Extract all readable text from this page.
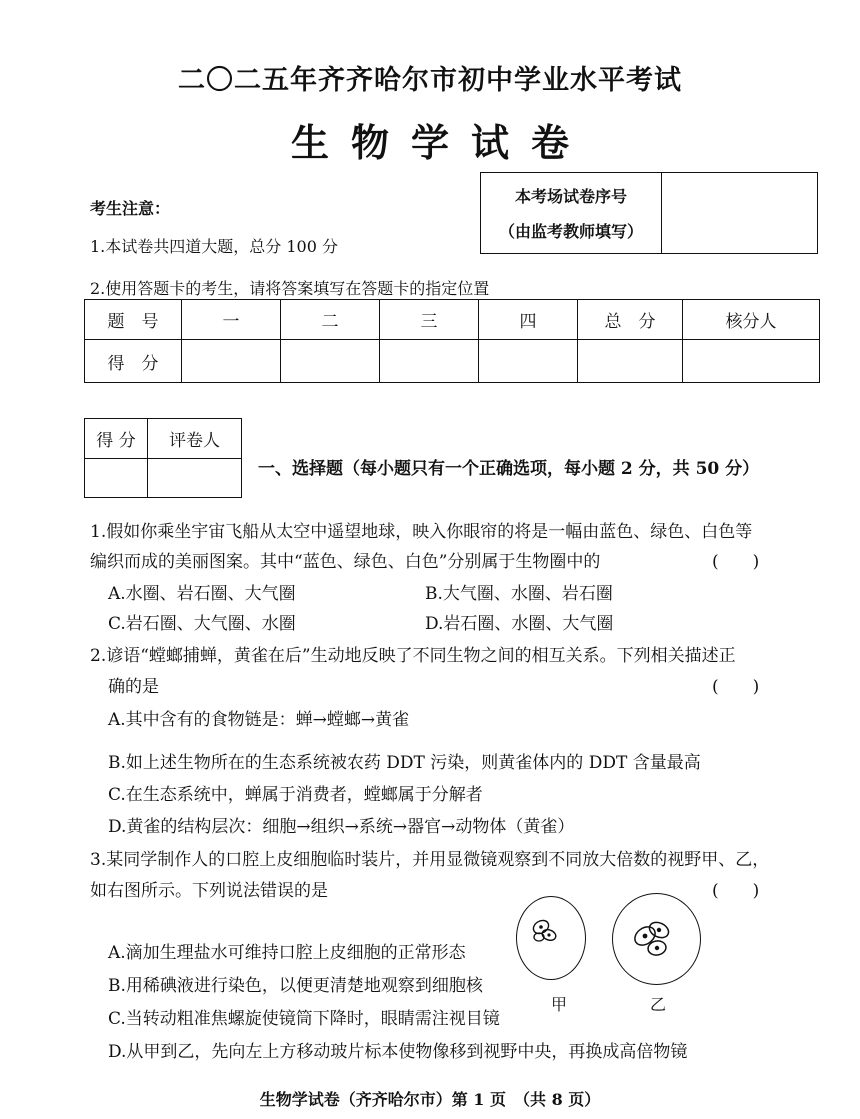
二〇二五年齐齐哈尔市初中学业水平考试
生物学试卷
考生注意：
1.本试卷共四道大题，总分 100 分
2.使用答题卡的考生，请将答案填写在答题卡的指定位置
本考场试卷序号
（由监考教师填写）

题　号	一	二	三	四	总　分	核分人
得　分						
得 分	评卷人

一、选择题（每小题只有一个正确选项，每小题 2 分，共 50 分）
1.假如你乘坐宇宙飞船从太空中遥望地球，映入你眼帘的将是一幅由蓝色、绿色、白色等
编织而成的美丽图案。其中“蓝色、绿色、白色”分别属于生物圈中的	(　　)
A.水圈、岩石圈、大气圈	B.大气圈、水圈、岩石圈
C.岩石圈、大气圈、水圈	D.岩石圈、水圈、大气圈
2.谚语“螳螂捕蝉，黄雀在后”生动地反映了不同生物之间的相互关系。下列相关描述正
确的是	(　　)
A.其中含有的食物链是：蝉→螳螂→黄雀
B.如上述生物所在的生态系统被农药 DDT 污染，则黄雀体内的 DDT 含量最高
C.在生态系统中，蝉属于消费者，螳螂属于分解者
D.黄雀的结构层次：细胞→组织→系统→器官→动物体（黄雀）
3.某同学制作人的口腔上皮细胞临时装片，并用显微镜观察到不同放大倍数的视野甲、乙，
如右图所示。下列说法错误的是	(　　)
A.滴加生理盐水可维持口腔上皮细胞的正常形态
B.用稀碘液进行染色，以便更清楚地观察到细胞核
C.当转动粗准焦螺旋使镜筒下降时，眼睛需注视目镜
D.从甲到乙，先向左上方移动玻片标本使物像移到视野中央，再换成高倍物镜
甲	乙
生物学试卷（齐齐哈尔市）第 1 页　（共 8 页）
